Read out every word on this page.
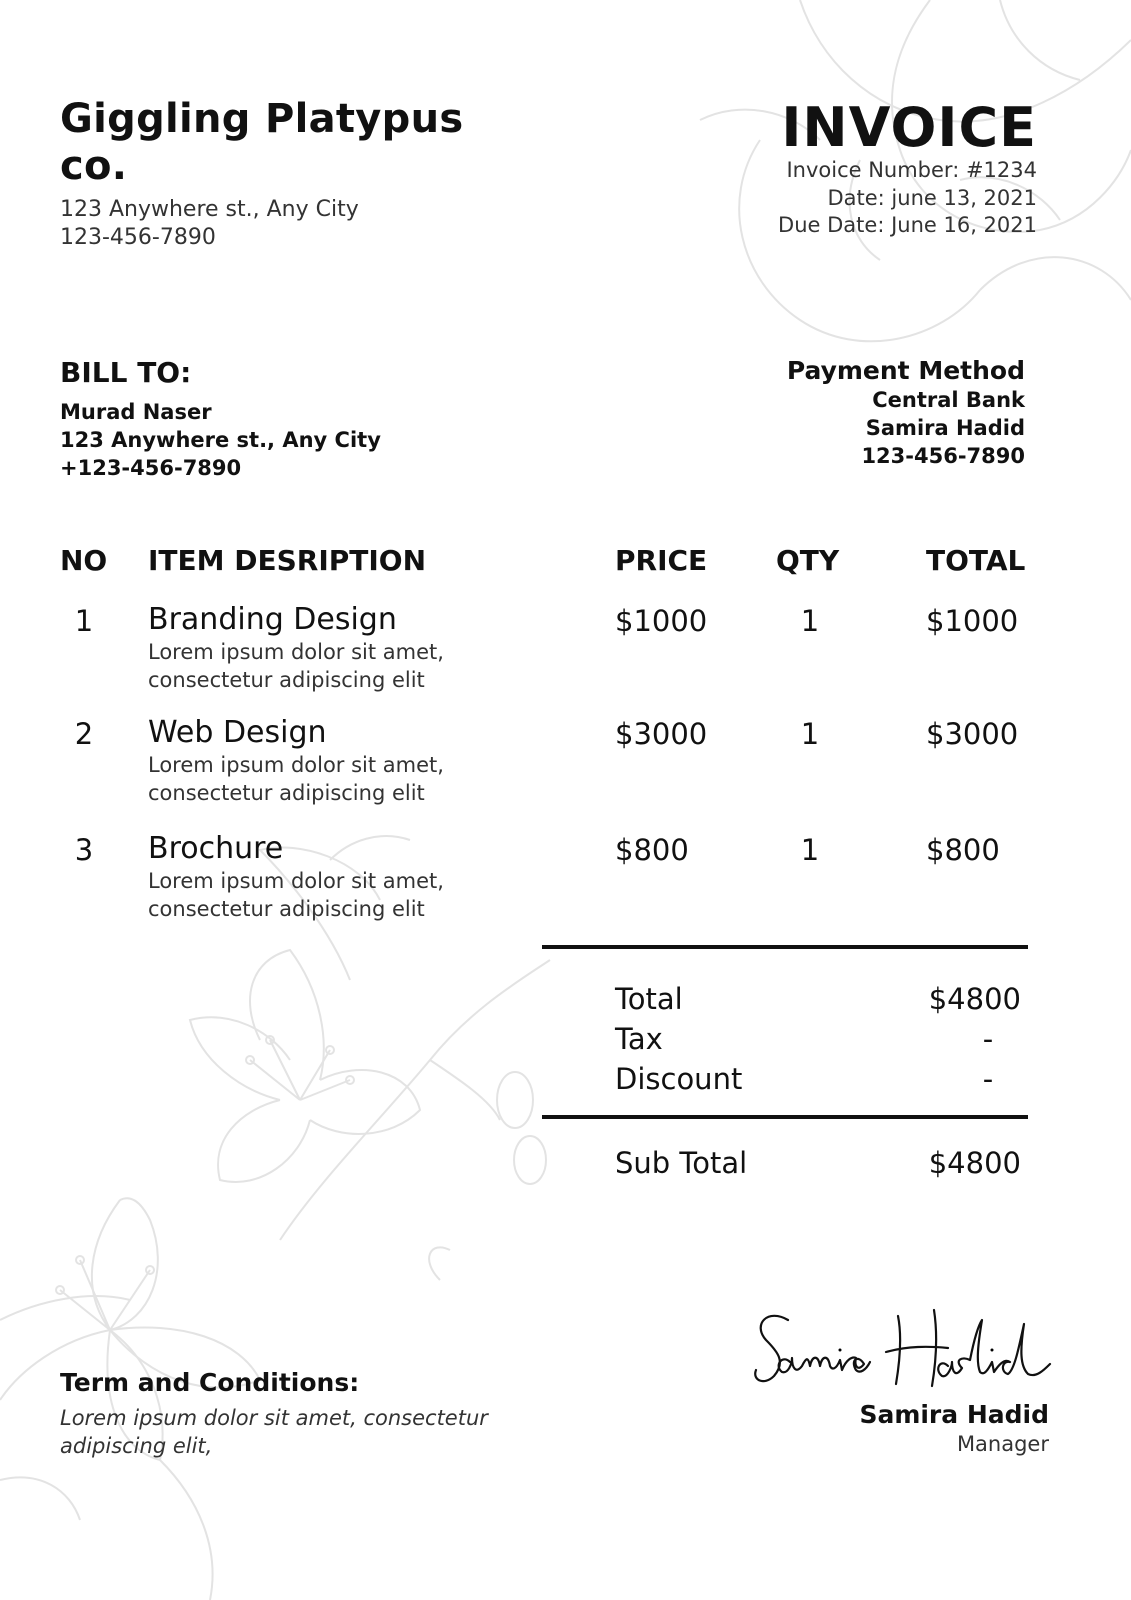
Giggling Platypus co.
123 Anywhere st., Any City
123-456-7890
INVOICE
Invoice Number: #1234
Date: june 13, 2021
Due Date: June 16, 2021
BILL TO:
Murad Naser
123 Anywhere st., Any City
+123-456-7890
Payment Method
Central Bank
Samira Hadid
123-456-7890
NO ITEM DESRIPTION	PRICE QTY	TOTAL
1	Branding Design
Lorem ipsum dolor sit amet,
consectetur adipiscing elit
$1000	1	$1000
2	Web Design
Lorem ipsum dolor sit amet,
consectetur adipiscing elit
$3000	1	$3000
3	Brochure
Lorem ipsum dolor sit amet,
consectetur adipiscing elit
$800	1	$800
Total	$4800
Tax	-
Discount	-
Sub Total	$4800
Term and Conditions:
Lorem ipsum dolor sit amet, consectetur
adipiscing elit,
Samira Hadid
Manager
